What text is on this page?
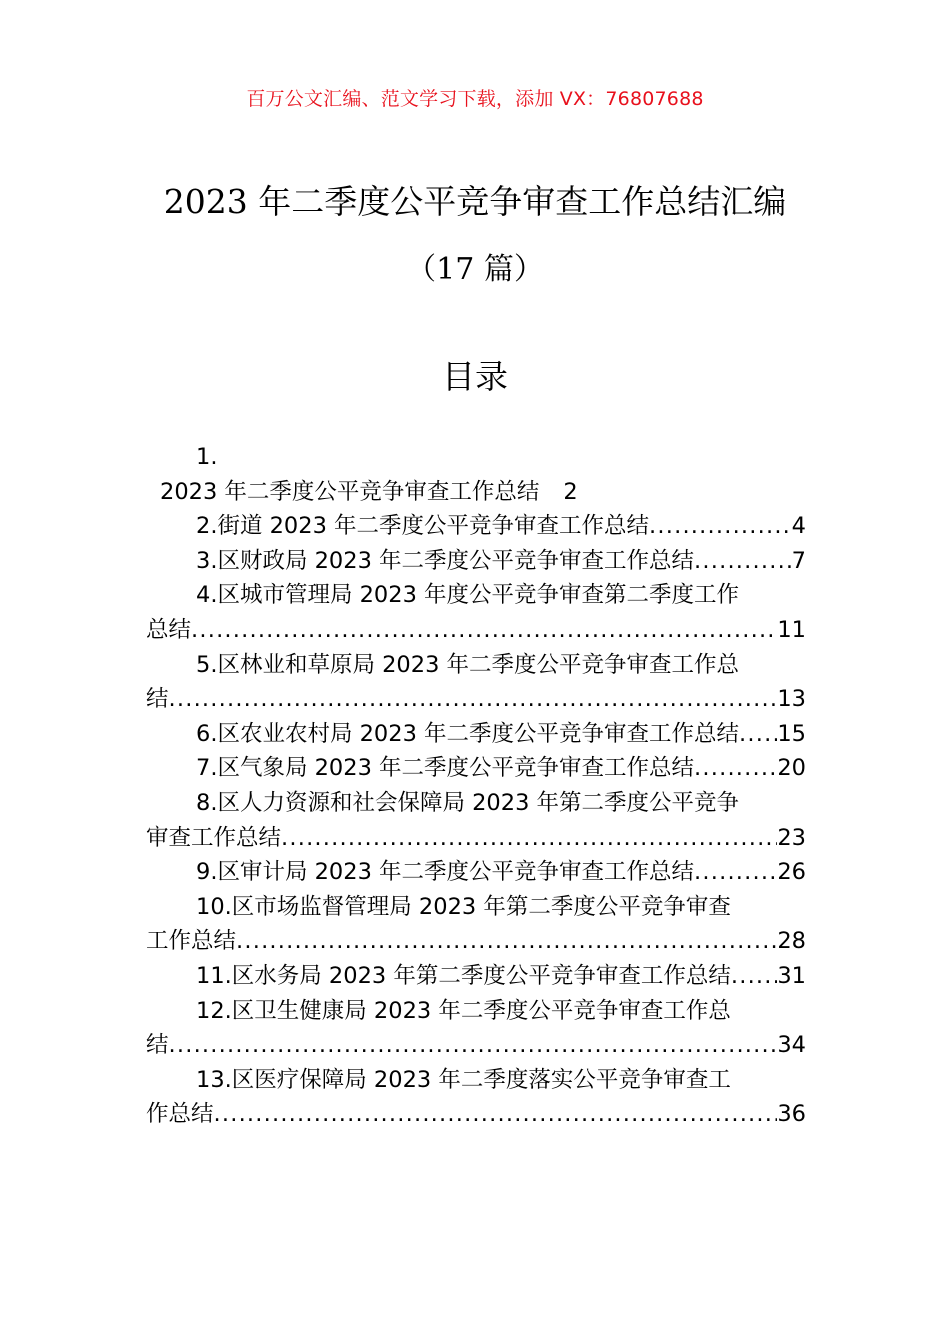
百万公文汇编、范文学习下载，添加 VX：76807688
2023 年二季度公平竞争审查工作总结汇编
（17 篇）
目录
1.
2023 年二季度公平竞争审查工作总结 2
2.街道 2023 年二季度公平竞争审查工作总结 .....	4
3.区财政局 2023 年二季度公平竞争审查工作总结 .....	7
4.区城市管理局 2023 年度公平竞争审查第二季度工作
总结 .....	11
5.区林业和草原局 2023 年二季度公平竞争审查工作总
结 .....	13
6.区农业农村局 2023 年二季度公平竞争审查工作总结 ..... 15
7.区气象局 2023 年二季度公平竞争审查工作总结 .....	20
8.区人力资源和社会保障局 2023 年第二季度公平竞争
审查工作总结 .....	23
9.区审计局 2023 年二季度公平竞争审查工作总结 .....	26
10.区市场监督管理局 2023 年第二季度公平竞争审查
工作总结 .....	28
11.区水务局 2023 年第二季度公平竞争审查工作总结 ..... 31
12.区卫生健康局 2023 年二季度公平竞争审查工作总
结 .....	34
13.区医疗保障局 2023 年二季度落实公平竞争审查工
作总结 .....	36
